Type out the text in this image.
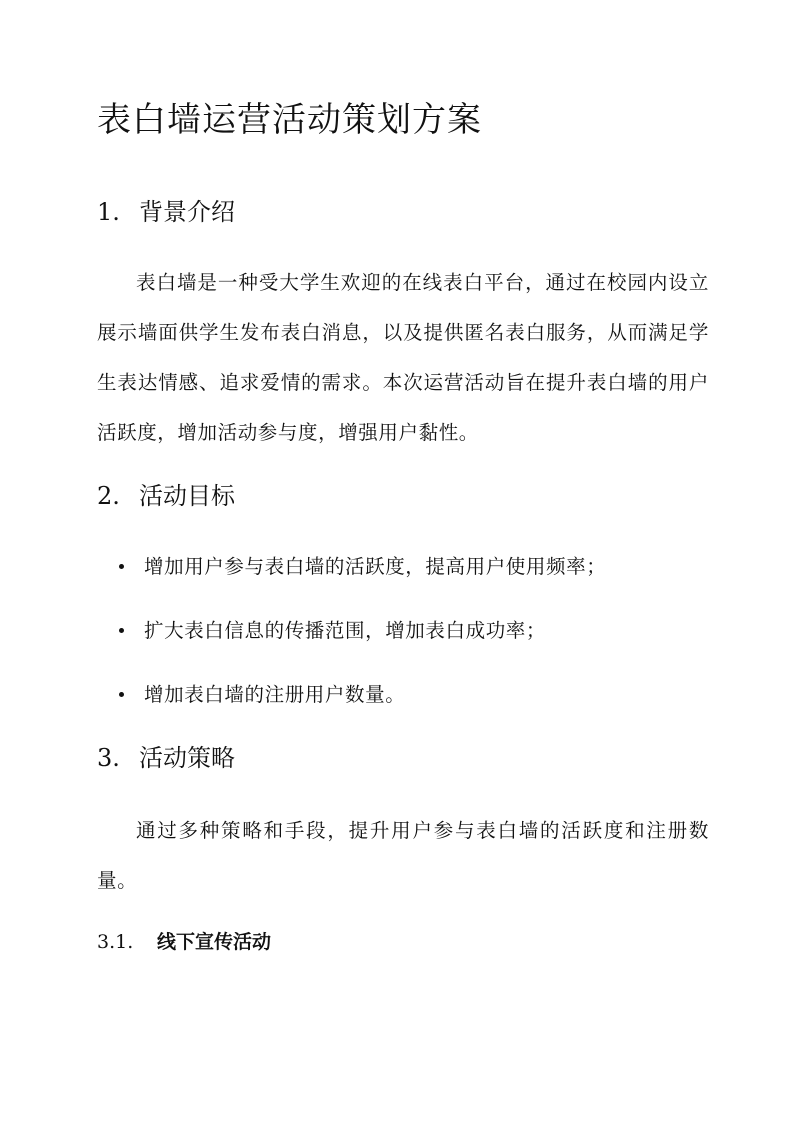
表白墙运营活动策划方案
1. 背景介绍
表白墙是一种受大学生欢迎的在线表白平台，通过在校园内设立展示墙面供学生发布表白消息，以及提供匿名表白服务，从而满足学生表达情感、追求爱情的需求。本次运营活动旨在提升表白墙的用户活跃度，增加活动参与度，增强用户黏性。
2. 活动目标
增加用户参与表白墙的活跃度，提高用户使用频率；
扩大表白信息的传播范围，增加表白成功率；
增加表白墙的注册用户数量。
3. 活动策略
通过多种策略和手段，提升用户参与表白墙的活跃度和注册数量。
3.1. 线下宣传活动
